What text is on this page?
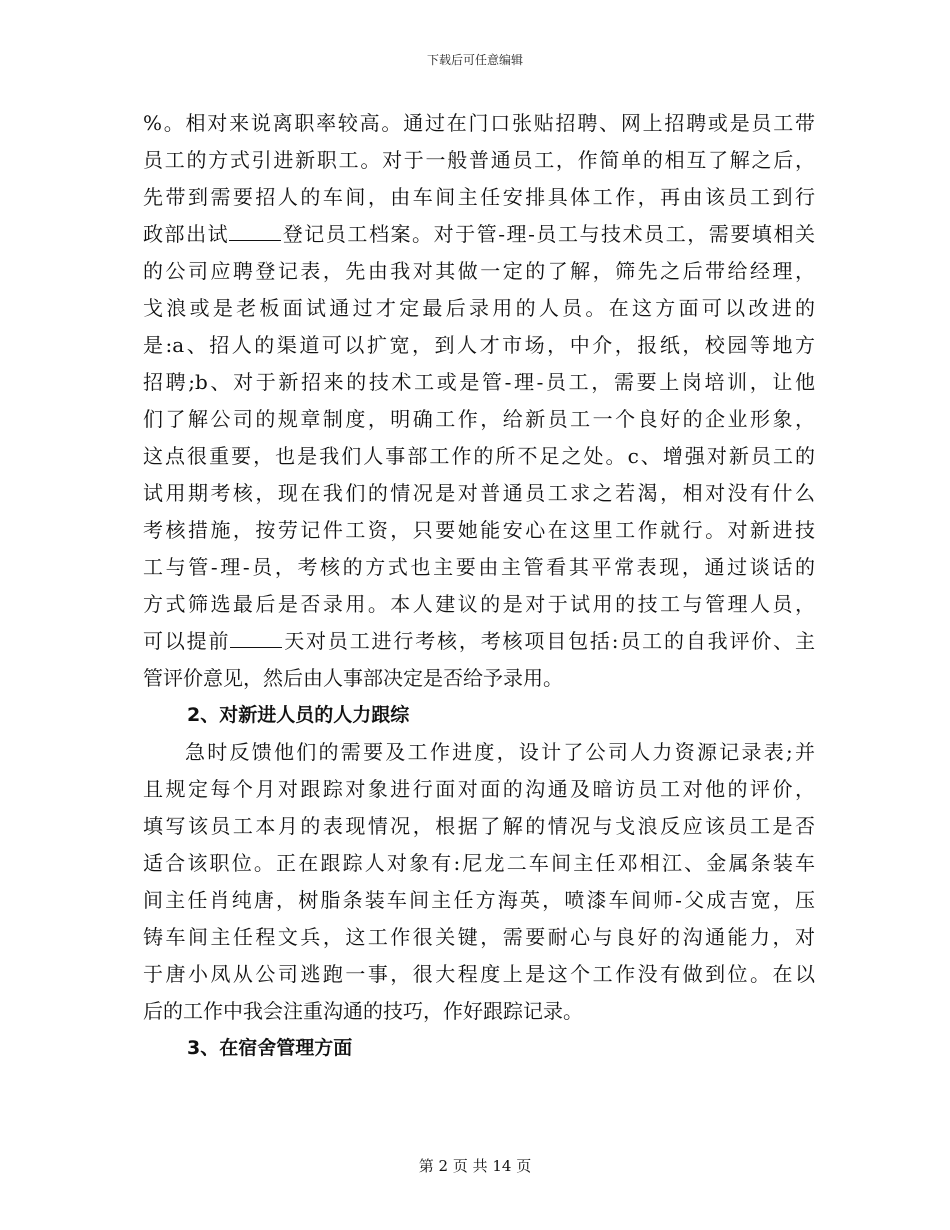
下载后可任意编辑
%。相对来说离职率较高。通过在门口张贴招聘、网上招聘或是员工带
员工的方式引进新职工。对于一般普通员工，作简单的相互了解之后，
先带到需要招人的车间，由车间主任安排具体工作，再由该员工到行
政部出试	登记员工档案。对于管-理-员工与技术员工，需要填相关
的公司应聘登记表，先由我对其做一定的了解，筛先之后带给经理，
戈浪或是老板面试通过才定最后录用的人员。在这方面可以改进的
是:a、招人的渠道可以扩宽，到人才市场，中介，报纸，校园等地方
招聘;b、对于新招来的技术工或是管-理-员工，需要上岗培训，让他
们了解公司的规章制度，明确工作，给新员工一个良好的企业形象，
这点很重要，也是我们人事部工作的所不足之处。c、增强对新员工的
试用期考核，现在我们的情况是对普通员工求之若渴，相对没有什么
考核措施，按劳记件工资，只要她能安心在这里工作就行。对新进技
工与管-理-员，考核的方式也主要由主管看其平常表现，通过谈话的
方式筛选最后是否录用。本人建议的是对于试用的技工与管理人员，
可以提前	天对员工进行考核，考核项目包括:员工的自我评价、主
管评价意见，然后由人事部决定是否给予录用。
2、对新进人员的人力跟综
急时反馈他们的需要及工作进度，设计了公司人力资源记录表;并
且规定每个月对跟踪对象进行面对面的沟通及暗访员工对他的评价，
填写该员工本月的表现情况，根据了解的情况与戈浪反应该员工是否
适合该职位。正在跟踪人对象有:尼龙二车间主任邓相江、金属条装车
间主任肖纯唐，树脂条装车间主任方海英，喷漆车间师-父成吉宽，压
铸车间主任程文兵，这工作很关键，需要耐心与良好的沟通能力，对
于唐小凤从公司逃跑一事，很大程度上是这个工作没有做到位。在以
后的工作中我会注重沟通的技巧，作好跟踪记录。
3、在宿舍管理方面
第 2 页 共 14 页
